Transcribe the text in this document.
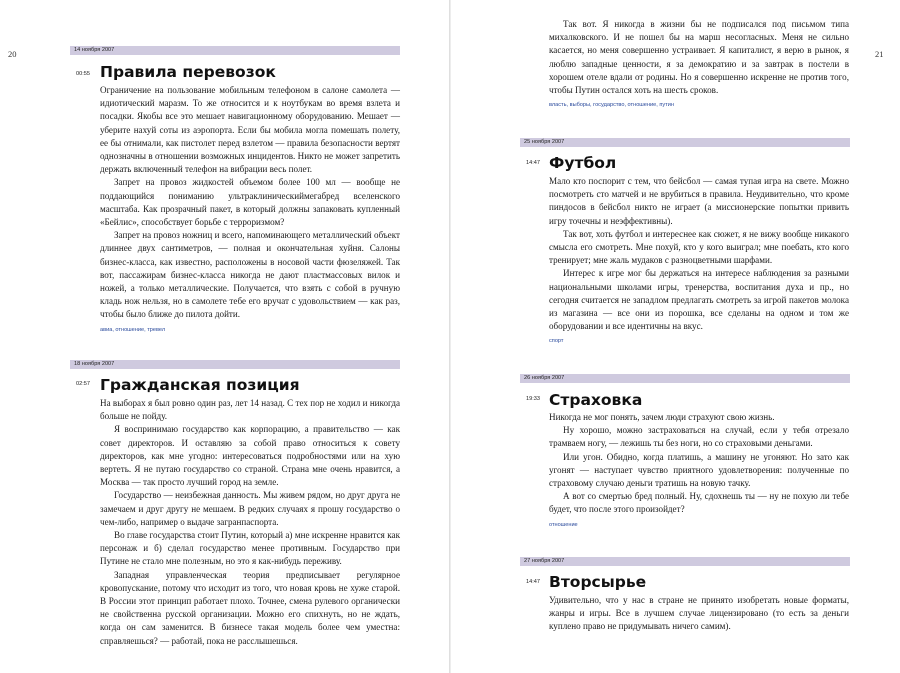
20	21
14 ноября 2007
00:55 Правила перевозок

Ограничение на пользование мобильным телефоном в салоне самолета — идиотический маразм. То же относится и к ноутбукам во время взлета и посадки. Якобы все это мешает навигационному оборудованию. Мешает — уберите нахуй соты из аэропорта. Если бы мобила могла помешать полету, ее бы отнимали, как пистолет перед взлетом — правила безопасности вертят однозначны в отношении возможных инцидентов. Никто не может запретить держать включенный телефон на вибрации весь полет.

Запрет на провоз жидкостей объемом более 100 мл — вообще не поддающийся пониманию ультраклиническиймегабред вселенского масштаба. Как прозрачный пакет, в который должны запаковать купленный «Бейлис», способствует борьбе с терроризмом?

Запрет на провоз ножниц и всего, напоминающего металлический объект длиннее двух сантиметров, — полная и окончательная хуйня. Салоны бизнес-класса, как известно, расположены в носовой части фюзеляжей. Так вот, пассажирам бизнес-класса никогда не дают пластмассовых вилок и ножей, а только металлические. Получается, что взять с собой в ручную кладь нож нельзя, но в самолете тебе его вручат с удовольствием — как раз, чтобы было ближе до пилота дойти.

авиа, отношение, тревел
18 ноября 2007
02:57 Гражданская позиция

На выборах я был ровно один раз, лет 14 назад. С тех пор не ходил и никогда больше не пойду.

Я воспринимаю государство как корпорацию, а правительство — как совет директоров. И оставляю за собой право относиться к совету директоров, как мне угодно: интересоваться подробностями или на хую вертеть. Я не путаю государство со страной. Страна мне очень нравится, а Москва — так просто лучший город на земле.

Государство — неизбежная данность. Мы живем рядом, но друг друга не замечаем и друг другу не мешаем. В редких случаях я прошу государство о чем-либо, например о выдаче загранпаспорта.

Во главе государства стоит Путин, который а) мне искренне нравится как персонаж и б) сделал государство менее противным. Государство при Путине не стало мне полезным, но это я как-нибудь переживу.

Западная управленческая теория предписывает регулярное кровопускание, потому что исходит из того, что новая кровь не хуже старой. В России этот принцип работает плохо. Точнее, смена рулевого органически не свойственна русской организации. Можно его спихнуть, но не ждать, когда он сам заменится. В бизнесе такая модель более чем уместна: справляешься? — работай, пока не расслышешься.

Так вот. Я никогда в жизни бы не подписался под письмом типа михалковского. И не пошел бы на марш несогласных. Меня не сильно касается, но меня совершенно устраивает. Я капиталист, я верю в рынок, я люблю западные ценности, я за демократию и за завтрак в постели в хорошем отеле вдали от родины. Но я совершенно искренне не против того, чтобы Путин остался хоть на шесть сроков.

власть, выборы, государство, отношение, путин
25 ноября 2007
14:47 Футбол

Мало кто поспорит с тем, что бейсбол — самая тупая игра на свете. Можно посмотреть сто матчей и не врубиться в правила. Неудивительно, что кроме пиндосов в бейсбол никто не играет (а миссионерские попытки привить игру точечны и неэффективны).

Так вот, хоть футбол и интереснее как сюжет, я не вижу вообще никакого смысла его смотреть. Мне похуй, кто у кого выиграл; мне поебать, кто кого тренирует; мне жаль мудаков с разноцветными шарфами.

Интерес к игре мог бы держаться на интересе наблюдения за разными национальными школами игры, тренерства, воспитания духа и пр., но сегодня считается не западлом предлагать смотреть за игрой пакетов молока из магазина — все они из порошка, все сделаны на одном и том же оборудовании и все идентичны на вкус.

спорт
26 ноября 2007
19:33 Страховка

Никогда не мог понять, зачем люди страхуют свою жизнь.

Ну хорошо, можно застраховаться на случай, если у тебя отрезало трамваем ногу, — лежишь ты без ноги, но со страховыми деньгами.

Или угон. Обидно, когда платишь, а машину не угоняют. Но зато как угонят — наступает чувство приятного удовлетворения: полученные по страховому случаю деньги тратишь на новую тачку.

А вот со смертью бред полный. Ну, сдохнешь ты — ну не похую ли тебе будет, что после этого произойдет?

отношение
27 ноября 2007
14:47 Вторсырье

Удивительно, что у нас в стране не принято изобретать новые форматы, жанры и игры. Все в лучшем случае лицензировано (то есть за деньги куплено право не придумывать ничего самим).
